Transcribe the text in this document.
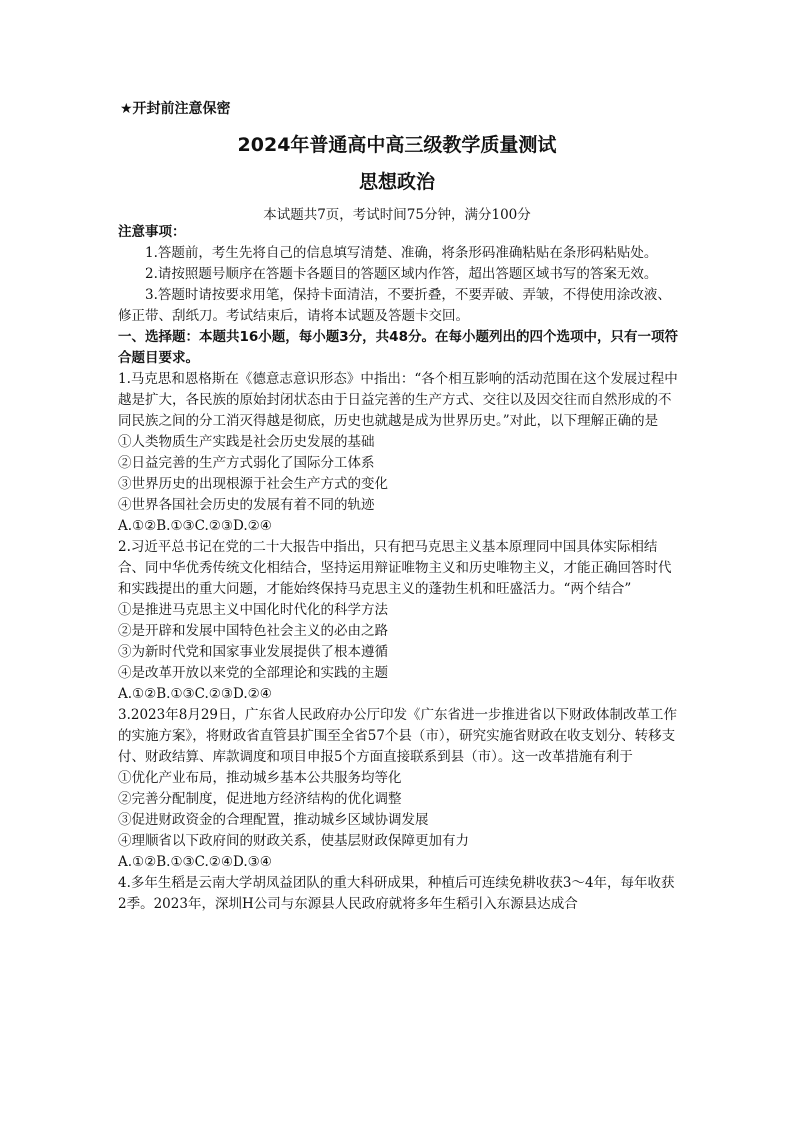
★开封前注意保密
2024年普通高中高三级教学质量测试
思想政治
本试题共7页，考试时间75分钟，满分100分

注意事项：

1.答题前，考生先将自己的信息填写清楚、准确，将条形码准确粘贴在条形码粘贴处。

2.请按照题号顺序在答题卡各题目的答题区域内作答，超出答题区域书写的答案无效。

3.答题时请按要求用笔，保持卡面清洁，不要折叠，不要弄破、弄皱，不得使用涂改液、修正带、刮纸刀。考试结束后，请将本试题及答题卡交回。

一、选择题：本题共16小题，每小题3分，共48分。在每小题列出的四个选项中，只有一项符合题目要求。

1.马克思和恩格斯在《德意志意识形态》中指出：“各个相互影响的活动范围在这个发展过程中越是扩大，各民族的原始封闭状态由于日益完善的生产方式、交往以及因交往而自然形成的不同民族之间的分工消灭得越是彻底，历史也就越是成为世界历史。”对此，以下理解正确的是

①人类物质生产实践是社会历史发展的基础

②日益完善的生产方式弱化了国际分工体系

③世界历史的出现根源于社会生产方式的变化

④世界各国社会历史的发展有着不同的轨迹

A.①②B.①③C.②③D.②④

2.习近平总书记在党的二十大报告中指出，只有把马克思主义基本原理同中国具体实际相结合、同中华优秀传统文化相结合，坚持运用辩证唯物主义和历史唯物主义，才能正确回答时代和实践提出的重大问题，才能始终保持马克思主义的蓬勃生机和旺盛活力。“两个结合”

①是推进马克思主义中国化时代化的科学方法

②是开辟和发展中国特色社会主义的必由之路

③为新时代党和国家事业发展提供了根本遵循

④是改革开放以来党的全部理论和实践的主题

A.①②B.①③C.②③D.②④

3.2023年8月29日，广东省人民政府办公厅印发《广东省进一步推进省以下财政体制改革工作的实施方案》，将财政省直管县扩围至全省57个县（市），研究实施省财政在收支划分、转移支付、财政结算、库款调度和项目申报5个方面直接联系到县（市）。这一改革措施有利于

①优化产业布局，推动城乡基本公共服务均等化

②完善分配制度，促进地方经济结构的优化调整

③促进财政资金的合理配置，推动城乡区域协调发展

④理顺省以下政府间的财政关系，使基层财政保障更加有力

A.①②B.①③C.②④D.③④

4.多年生稻是云南大学胡凤益团队的重大科研成果，种植后可连续免耕收获3～4年，每年收获2季。2023年，深圳H公司与东源县人民政府就将多年生稻引入东源县达成合
